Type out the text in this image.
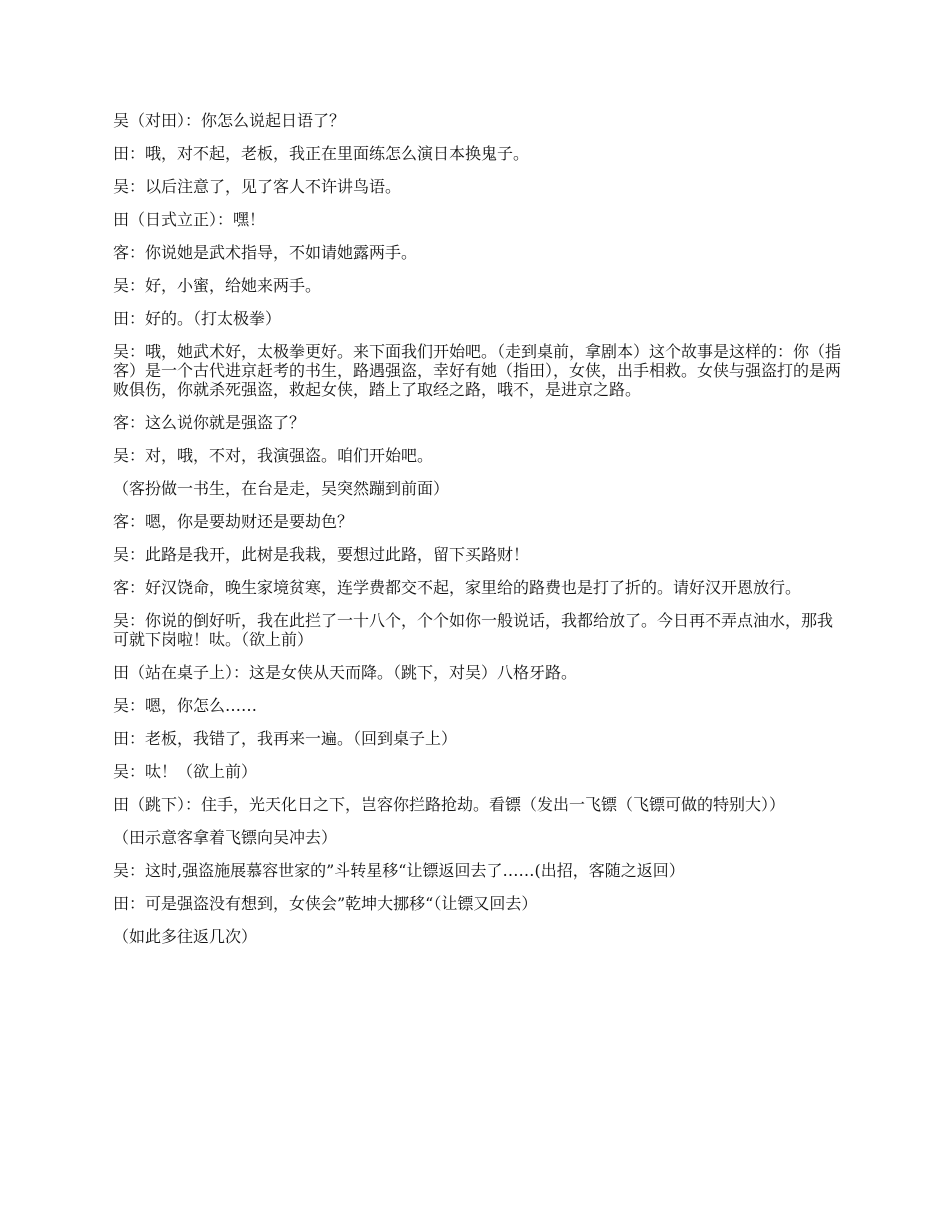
吴（对田）：你怎么说起日语了？

田：哦，对不起，老板，我正在里面练怎么演日本换鬼子。

吴：以后注意了，见了客人不许讲鸟语。

田（日式立正）：嘿！

客：你说她是武术指导，不如请她露两手。

吴：好，小蜜，给她来两手。

田：好的。（打太极拳）

吴：哦，她武术好，太极拳更好。来下面我们开始吧。（走到桌前，拿剧本）这个故事是这样的：你（指客）是一个古代进京赶考的书生，路遇强盗，幸好有她（指田），女侠，出手相救。女侠与强盗打的是两败俱伤，你就杀死强盗，救起女侠，踏上了取经之路，哦不，是进京之路。

客：这么说你就是强盗了？

吴：对，哦，不对，我演强盗。咱们开始吧。

（客扮做一书生，在台是走，吴突然蹦到前面）

客：嗯，你是要劫财还是要劫色？

吴：此路是我开，此树是我栽，要想过此路，留下买路财！

客：好汉饶命，晚生家境贫寒，连学费都交不起，家里给的路费也是打了折的。请好汉开恩放行。

吴：你说的倒好听，我在此拦了一十八个，个个如你一般说话，我都给放了。今日再不弄点油水，那我可就下岗啦！呔。（欲上前）

田（站在桌子上）：这是女侠从天而降。（跳下，对吴）八格牙路。

吴：嗯，你怎么……

田：老板，我错了，我再来一遍。（回到桌子上）

吴：呔！（欲上前）

田（跳下）：住手，光天化日之下，岂容你拦路抢劫。看镖（发出一飞镖（飞镖可做的特别大））

（田示意客拿着飞镖向吴冲去）

吴：这时,强盗施展慕容世家的”斗转星移“让镖返回去了……(出招，客随之返回）

田：可是强盗没有想到，女侠会”乾坤大挪移“（让镖又回去）

（如此多往返几次）
